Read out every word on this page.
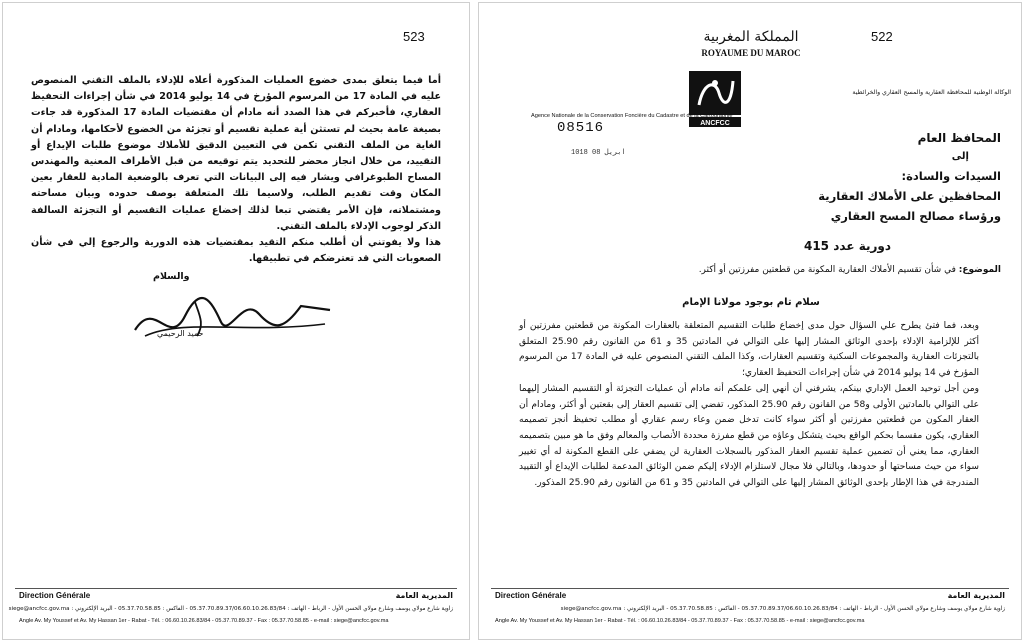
523

أما فيما يتعلق بمدى خضوع العمليات المذكورة أعلاه للإدلاء بالملف التقني المنصوص عليه في المادة 17 من المرسوم المؤرخ في 14 يوليو 2014 في شأن إجراءات التحفيظ العقاري، فأخبركم في هذا الصدد أنه مادام أن مقتضيات المادة 17 المذكورة قد جاءت بصيغة عامة بحيث لم تستثن أية عملية تقسيم أو تجزئة من الخضوع لأحكامها، ومادام أن الغاية من الملف التقني تكمن في التعيين الدقيق للأملاك موضوع طلبات الإيداع أو التقييد، من خلال انجاز محضر للتحديد يتم توقيعه من قبل الأطراف المعنية والمهندس المساح الطبوغرافي ويشار فيه إلى البيانات التي تعرف بالوضعية المادية للعقار بعين المكان وقت تقديم الطلب، ولاسيما تلك المتعلقة بوصف حدوده وبيان مساحته ومشتملاته، فإن الأمر يقتضي تبعا لذلك إخضاع عمليات التقسيم أو التجزئة السالفة الذكر لوجوب الإدلاء بالملف التقني.

هذا ولا يفوتني أن أطلب منكم التقيد بمقتضيات هذه الدورية والرجوع إلي في شأن الصعوبات التي قد تعترضكم في تطبيقها.

والسلام
حميد الرحيمي
Direction Générale	المديرية العامة
زاوية شارع مولاي يوسف وشارع مولاي الحسن الأول - الرباط - الهاتف : 05.37.70.89.37/06.60.10.26.83/84 - الفاكس : 05.37.70.58.85 - البريد الإلكتروني : siege@ancfcc.gov.ma
Angle Av. My Youssef et Av. My Hassan 1er - Rabat - Tél. : 06.60.10.26.83/84 - 05.37.70.89.37 - Fax : 05.37.70.58.85 - e-mail : siege@ancfcc.gov.ma
522
المملكة المغربية
ROYAUME DU MAROC
ANCFCC
الوكالة الوطنية للمحافظة العقارية والمسح العقاري والخرائطية
Agence Nationale de la Conservation Foncière du Cadastre et de la Cartographie
08516
1018 08 ابريل
المحافظ العام
إلى
السيدات والسادة:
المحافظين على الأملاك العقارية
ورؤساء مصالح المسح العقاري
دورية عدد 415
الموضوع: في شأن تقسيم الأملاك العقارية المكونة من قطعتين مفرزتين أو أكثر.
سلام تام بوجود مولانا الإمام

وبعد، فما فتئ يطرح علي السؤال حول مدى إخضاع طلبات التقسيم المتعلقة بالعقارات المكونة من قطعتين مفرزتين أو أكثر للإلزامية الإدلاء بإحدى الوثائق المشار إليها على التوالي في المادتين 35 و 61 من القانون رقم 25.90 المتعلق بالتجزئات العقارية والمجموعات السكنية وتقسيم العقارات، وكذا الملف التقني المنصوص عليه في المادة 17 من المرسوم المؤرخ في 14 يوليو 2014 في شأن إجراءات التحفيظ العقاري؛

ومن أجل توحيد العمل الإداري بينكم، يشرفني أن أنهي إلى علمكم أنه مادام أن عمليات التجزئة أو التقسيم المشار إليهما على التوالي بالمادتين الأولى و58 من القانون رقم 25.90 المذكور، تفضي إلى تقسيم العقار إلى بقعتين أو أكثر، ومادام أن العقار المكون من قطعتين مفرزتين أو أكثر سواء كانت تدخل ضمن وعاء رسم عقاري أو مطلب تحفيظ أنجز تصميمه العقاري، يكون مقسما بحكم الواقع بحيث يتشكل وعاؤه من قطع مفرزة محددة الأنصاب والمعالم وفق ما هو مبين بتصميمه العقاري، مما يعني أن تضمين عملية تقسيم العقار المذكور بالسجلات العقارية لن يضفي على القطع المكونة له أي تغيير سواء من حيث مساحتها أو حدودها، وبالتالي فلا مجال لاستلزام الإدلاء إليكم ضمن الوثائق المدعمة لطلبات الإيداع أو التقييد المندرجة في هذا الإطار بإحدى الوثائق المشار إليها على التوالي في المادتين 35 و 61 من القانون رقم 25.90 المذكور.

Direction Générale	المديرية العامة
زاوية شارع مولاي يوسف وشارع مولاي الحسن الأول - الرباط - الهاتف : 05.37.70.89.37/06.60.10.26.83/84 - الفاكس : 05.37.70.58.85 - البريد الإلكتروني : siege@ancfcc.gov.ma
Angle Av. My Youssef et Av. My Hassan 1er - Rabat - Tél. : 06.60.10.26.83/84 - 05.37.70.89.37 - Fax : 05.37.70.58.85 - e-mail : siege@ancfcc.gov.ma
